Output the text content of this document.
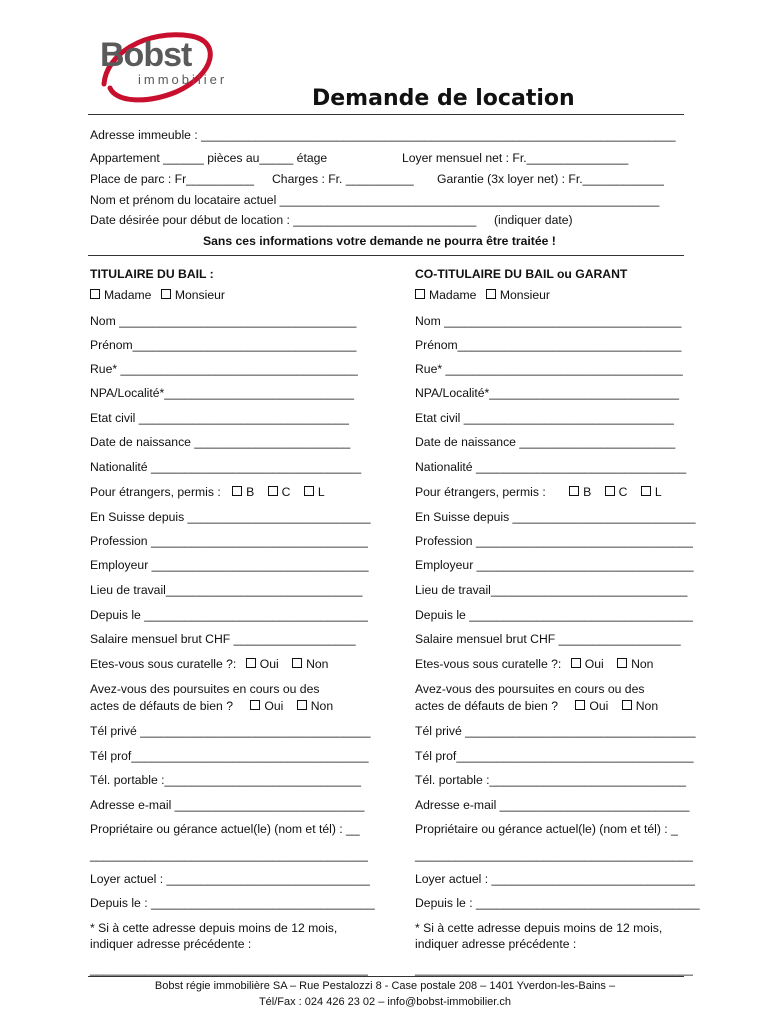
Bobst
immobilier
Demande de location
Adresse immeuble : ______________________________________________________________________
Appartement ______ pièces au_____ étage	Loyer mensuel net : Fr._______________
Place de parc : Fr__________ Charges : Fr. __________ Garantie (3x loyer net) : Fr.____________
Nom et prénom du locataire actuel ________________________________________________________
Date désirée pour début de location : ___________________________ (indiquer date)
Sans ces informations votre demande ne pourra être traitée !
TITULAIRE DU BAIL :
Madame Monsieur
Nom ___________________________________
Prénom_________________________________
Rue* ___________________________________
NPA/Localité*____________________________
Etat civil _______________________________
Date de naissance _______________________
Nationalité _______________________________
Pour étrangers, permis : B C L
En Suisse depuis ___________________________
Profession ________________________________
Employeur ________________________________
Lieu de travail_____________________________
Depuis le _________________________________
Salaire mensuel brut CHF __________________
Etes-vous sous curatelle ?: Oui Non
Avez-vous des poursuites en cours ou des
actes de défauts de bien ?	Oui Non
Tél privé __________________________________
Tél prof___________________________________
Tél. portable :_____________________________
Adresse e-mail ____________________________
Propriétaire ou gérance actuel(le) (nom et tél) : __
_________________________________________
Loyer actuel : ______________________________
Depuis le : _________________________________
* Si à cette adresse depuis moins de 12 mois,
indiquer adresse précédente :
_________________________________________
CO-TITULAIRE DU BAIL ou GARANT
Madame Monsieur
Nom ___________________________________
Prénom_________________________________
Rue* ___________________________________
NPA/Localité*____________________________
Etat civil _______________________________
Date de naissance _______________________
Nationalité _______________________________
Pour étrangers, permis :	B C L
En Suisse depuis ___________________________
Profession ________________________________
Employeur ________________________________
Lieu de travail_____________________________
Depuis le _________________________________
Salaire mensuel brut CHF __________________
Etes-vous sous curatelle ?: Oui Non
Avez-vous des poursuites en cours ou des
actes de défauts de bien ?	Oui Non
Tél privé __________________________________
Tél prof___________________________________
Tél. portable :_____________________________
Adresse e-mail ____________________________
Propriétaire ou gérance actuel(le) (nom et tél) : _
_________________________________________
Loyer actuel : ______________________________
Depuis le : _________________________________
* Si à cette adresse depuis moins de 12 mois,
indiquer adresse précédente :
_________________________________________
Bobst régie immobilière SA – Rue Pestalozzi 8 - Case postale 208 – 1401 Yverdon-les-Bains –
Tél/Fax : 024 426 23 02 – info@bobst-immobilier.ch
